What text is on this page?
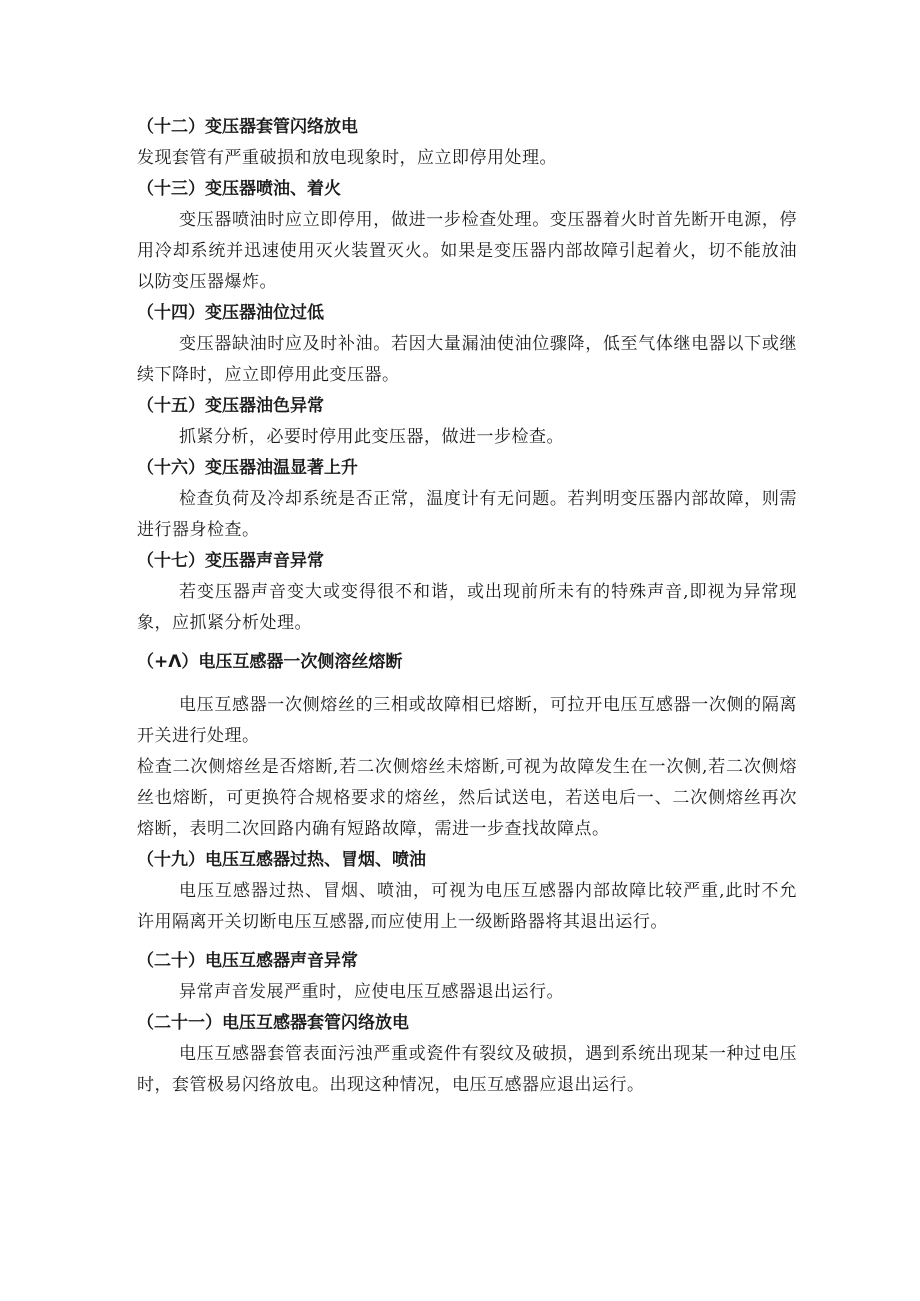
（十二）变压器套管闪络放电

发现套管有严重破损和放电现象时，应立即停用处理。

（十三）变压器喷油、着火

变压器喷油时应立即停用，做进一步检查处理。变压器着火时首先断开电源，停用冷却系统并迅速使用灭火装置灭火。如果是变压器内部故障引起着火，切不能放油以防变压器爆炸。

（十四）变压器油位过低

变压器缺油时应及时补油。若因大量漏油使油位骤降，低至气体继电器以下或继续下降时，应立即停用此变压器。

（十五）变压器油色异常

抓紧分析，必要时停用此变压器，做进一步检查。

（十六）变压器油温显著上升

检查负荷及冷却系统是否正常，温度计有无问题。若判明变压器内部故障，则需进行器身检查。

（十七）变压器声音异常

若变压器声音变大或变得很不和谐，或出现前所未有的特殊声音,即视为异常现象，应抓紧分析处理。

（+Λ）电压互感器一次侧溶丝熔断

电压互感器一次侧熔丝的三相或故障相已熔断，可拉开电压互感器一次侧的隔离开关进行处理。

检查二次侧熔丝是否熔断,若二次侧熔丝未熔断,可视为故障发生在一次侧,若二次侧熔丝也熔断，可更换符合规格要求的熔丝，然后试送电，若送电后一、二次侧熔丝再次熔断，表明二次回路内确有短路故障，需进一步查找故障点。

（十九）电压互感器过热、冒烟、喷油

电压互感器过热、冒烟、喷油，可视为电压互感器内部故障比较严重,此时不允许用隔离开关切断电压互感器,而应使用上一级断路器将其退出运行。

（二十）电压互感器声音异常

异常声音发展严重时，应使电压互感器退出运行。

（二十一）电压互感器套管闪络放电

电压互感器套管表面污浊严重或瓷件有裂纹及破损，遇到系统出现某一种过电压时，套管极易闪络放电。出现这种情况，电压互感器应退出运行。
